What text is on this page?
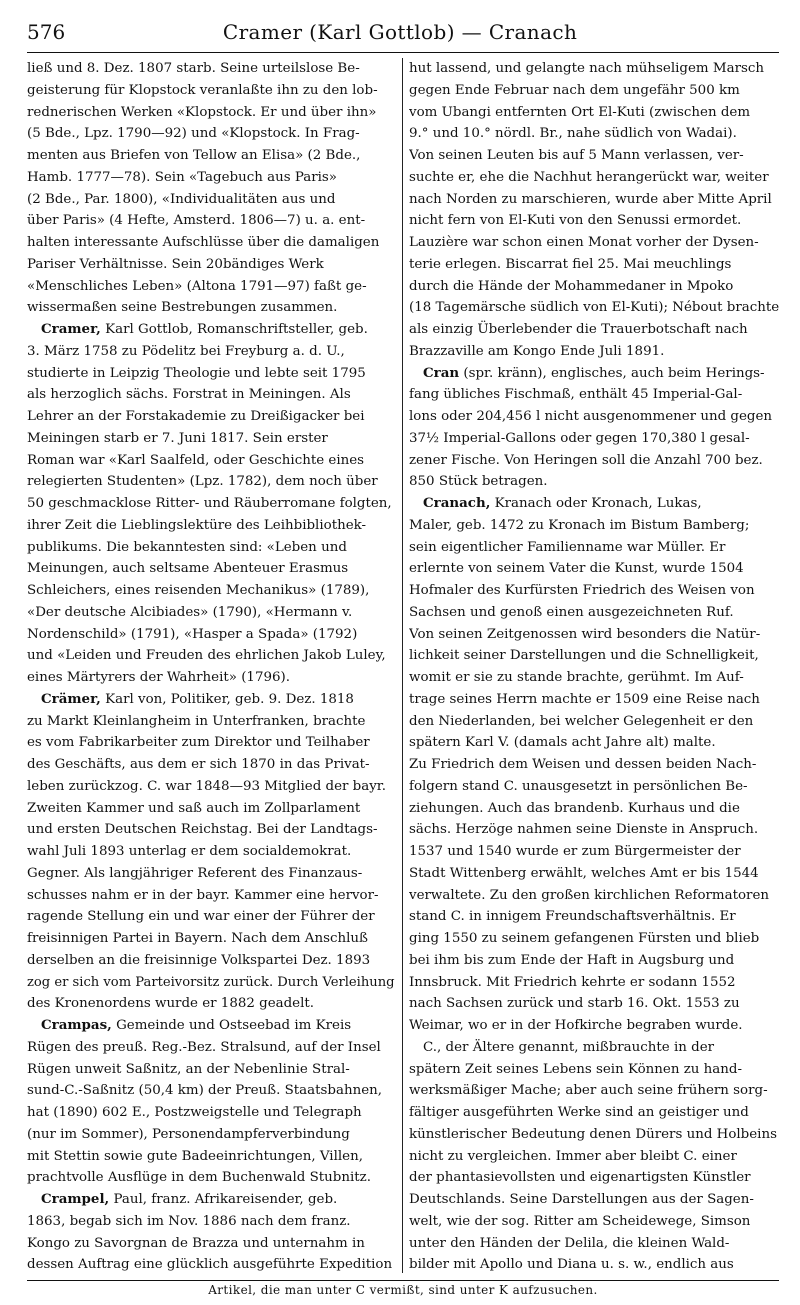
576	Cramer (Karl Gottlob) — Cranach

ließ und 8. Dez. 1807 starb. Seine urteilslose Be-

geisterung für Klopstock veranlaßte ihn zu den lob-

rednerischen Werken «Klopstock. Er und über ihn»

(5 Bde., Lpz. 1790—92) und «Klopstock. In Frag-

menten aus Briefen von Tellow an Elisa» (2 Bde.,

Hamb. 1777—78). Sein «Tagebuch aus Paris»

(2 Bde., Par. 1800), «Individualitäten aus und

über Paris» (4 Hefte, Amsterd. 1806—7) u. a. ent-

halten interessante Aufschlüsse über die damaligen

Pariser Verhältnisse. Sein 20bändiges Werk

«Menschliches Leben» (Altona 1791—97) faßt ge-

wissermaßen seine Bestrebungen zusammen.

Cramer, Karl Gottlob, Romanschriftsteller, geb.

3. März 1758 zu Pödelitz bei Freyburg a. d. U.,

studierte in Leipzig Theologie und lebte seit 1795

als herzoglich sächs. Forstrat in Meiningen. Als

Lehrer an der Forstakademie zu Dreißigacker bei

Meiningen starb er 7. Juni 1817. Sein erster

Roman war «Karl Saalfeld, oder Geschichte eines

relegierten Studenten» (Lpz. 1782), dem noch über

50 geschmacklose Ritter- und Räuberromane folgten,

ihrer Zeit die Lieblingslektüre des Leihbibliothek-

publikums. Die bekanntesten sind: «Leben und

Meinungen, auch seltsame Abenteuer Erasmus

Schleichers, eines reisenden Mechanikus» (1789),

«Der deutsche Alcibiades» (1790), «Hermann v.

Nordenschild» (1791), «Hasper a Spada» (1792)

und «Leiden und Freuden des ehrlichen Jakob Luley,

eines Märtyrers der Wahrheit» (1796).

Crämer, Karl von, Politiker, geb. 9. Dez. 1818

zu Markt Kleinlangheim in Unterfranken, brachte

es vom Fabrikarbeiter zum Direktor und Teilhaber

des Geschäfts, aus dem er sich 1870 in das Privat-

leben zurückzog. C. war 1848—93 Mitglied der bayr.

Zweiten Kammer und saß auch im Zollparlament

und ersten Deutschen Reichstag. Bei der Landtags-

wahl Juli 1893 unterlag er dem socialdemokrat.

Gegner. Als langjähriger Referent des Finanzaus-

schusses nahm er in der bayr. Kammer eine hervor-

ragende Stellung ein und war einer der Führer der

freisinnigen Partei in Bayern. Nach dem Anschluß

derselben an die freisinnige Volkspartei Dez. 1893

zog er sich vom Parteivorsitz zurück. Durch Verleihung

des Kronenordens wurde er 1882 geadelt.

Crampas, Gemeinde und Ostseebad im Kreis

Rügen des preuß. Reg.-Bez. Stralsund, auf der Insel

Rügen unweit Saßnitz, an der Nebenlinie Stral-

sund-C.-Saßnitz (50,4 km) der Preuß. Staatsbahnen,

hat (1890) 602 E., Postzweigstelle und Telegraph

(nur im Sommer), Personendampferverbindung

mit Stettin sowie gute Badeeinrichtungen, Villen,

prachtvolle Ausflüge in dem Buchenwald Stubnitz.

Crampel, Paul, franz. Afrikareisender, geb.

1863, begab sich im Nov. 1886 nach dem franz.

Kongo zu Savorgnan de Brazza und unternahm in

dessen Auftrag eine glücklich ausgeführte Expedition

hut lassend, und gelangte nach mühseligem Marsch

gegen Ende Februar nach dem ungefähr 500 km

vom Ubangi entfernten Ort El-Kuti (zwischen dem

9.° und 10.° nördl. Br., nahe südlich von Wadai).

Von seinen Leuten bis auf 5 Mann verlassen, ver-

suchte er, ehe die Nachhut herangerückt war, weiter

nach Norden zu marschieren, wurde aber Mitte April

nicht fern von El-Kuti von den Senussi ermordet.

Lauzière war schon einen Monat vorher der Dysen-

terie erlegen. Biscarrat fiel 25. Mai meuchlings

durch die Hände der Mohammedaner in Mpoko

(18 Tagemärsche südlich von El-Kuti); Nébout brachte

als einzig Überlebender die Trauerbotschaft nach

Brazzaville am Kongo Ende Juli 1891.

Cran (spr. kränn), englisches, auch beim Herings-

fang übliches Fischmaß, enthält 45 Imperial-Gal-

lons oder 204,456 l nicht ausgenommener und gegen

37½ Imperial-Gallons oder gegen 170,380 l gesal-

zener Fische. Von Heringen soll die Anzahl 700 bez.

850 Stück betragen.

Cranach, Kranach oder Kronach, Lukas,

Maler, geb. 1472 zu Kronach im Bistum Bamberg;

sein eigentlicher Familienname war Müller. Er

erlernte von seinem Vater die Kunst, wurde 1504

Hofmaler des Kurfürsten Friedrich des Weisen von

Sachsen und genoß einen ausgezeichneten Ruf.

Von seinen Zeitgenossen wird besonders die Natür-

lichkeit seiner Darstellungen und die Schnelligkeit,

womit er sie zu stande brachte, gerühmt. Im Auf-

trage seines Herrn machte er 1509 eine Reise nach

den Niederlanden, bei welcher Gelegenheit er den

spätern Karl V. (damals acht Jahre alt) malte.

Zu Friedrich dem Weisen und dessen beiden Nach-

folgern stand C. unausgesetzt in persönlichen Be-

ziehungen. Auch das brandenb. Kurhaus und die

sächs. Herzöge nahmen seine Dienste in Anspruch.

1537 und 1540 wurde er zum Bürgermeister der

Stadt Wittenberg erwählt, welches Amt er bis 1544

verwaltete. Zu den großen kirchlichen Reformatoren

stand C. in innigem Freundschaftsverhältnis. Er

ging 1550 zu seinem gefangenen Fürsten und blieb

bei ihm bis zum Ende der Haft in Augsburg und

Innsbruck. Mit Friedrich kehrte er sodann 1552

nach Sachsen zurück und starb 16. Okt. 1553 zu

Weimar, wo er in der Hofkirche begraben wurde.

C., der Ältere genannt, mißbrauchte in der

spätern Zeit seines Lebens sein Können zu hand-

werksmäßiger Mache; aber auch seine frühern sorg-

fältiger ausgeführten Werke sind an geistiger und

künstlerischer Bedeutung denen Dürers und Holbeins

nicht zu vergleichen. Immer aber bleibt C. einer

der phantasievollsten und eigenartigsten Künstler

Deutschlands. Seine Darstellungen aus der Sagen-

welt, wie der sog. Ritter am Scheidewege, Simson

unter den Händen der Delila, die kleinen Wald-

bilder mit Apollo und Diana u. s. w., endlich aus

Artikel, die man unter C vermißt, sind unter K aufzusuchen.
